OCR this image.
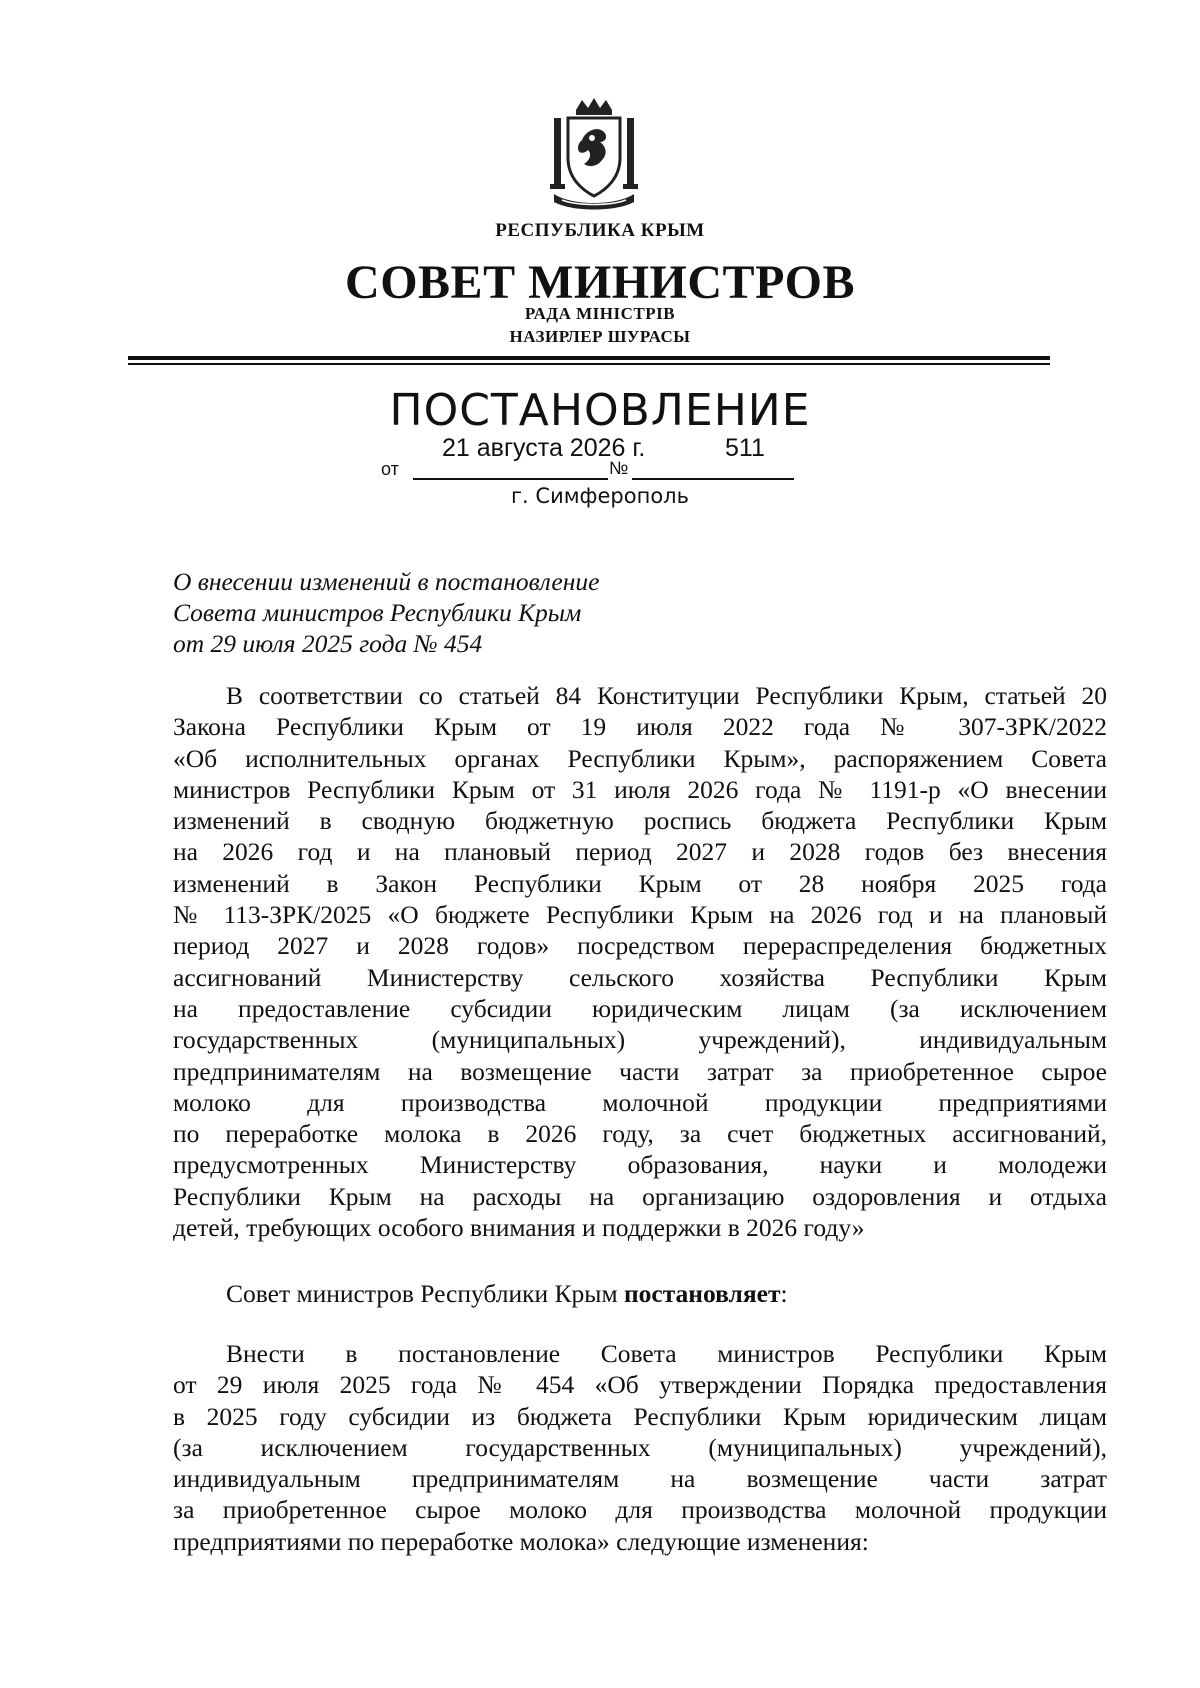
РЕСПУБЛИКА КРЫМ
СОВЕТ МИНИСТРОВ
РАДА МІНІСТРІВ
НАЗИРЛЕР ШУРАСЫ
ПОСТАНОВЛЕНИЕ
от	№
21 августа 2026 г.	511
г. Симферополь
О внесении изменений в постановление
Совета министров Республики Крым
от 29 июля 2025 года № 454
В соответствии со статьей 84 Конституции Республики Крым, статьей 20
Закона Республики Крым от 19 июля 2022 года № 307-ЗРК/2022
«Об исполнительных органах Республики Крым», распоряжением Совета
министров Республики Крым от 31 июля 2026 года № 1191-р «О внесении
изменений в сводную бюджетную роспись бюджета Республики Крым
на 2026 год и на плановый период 2027 и 2028 годов без внесения
изменений в Закон Республики Крым от 28 ноября 2025 года
№ 113-ЗРК/2025 «О бюджете Республики Крым на 2026 год и на плановый
период 2027 и 2028 годов» посредством перераспределения бюджетных
ассигнований Министерству сельского хозяйства Республики Крым
на предоставление субсидии юридическим лицам (за исключением
государственных (муниципальных) учреждений), индивидуальным
предпринимателям на возмещение части затрат за приобретенное сырое
молоко для производства молочной продукции предприятиями
по переработке молока в 2026 году, за счет бюджетных ассигнований,
предусмотренных Министерству образования, науки и молодежи
Республики Крым на расходы на организацию оздоровления и отдыха
детей, требующих особого внимания и поддержки в 2026 году»
Совет министров Республики Крым постановляет:
Внести в постановление Совета министров Республики Крым
от 29 июля 2025 года № 454 «Об утверждении Порядка предоставления
в 2025 году субсидии из бюджета Республики Крым юридическим лицам
(за исключением государственных (муниципальных) учреждений),
индивидуальным предпринимателям на возмещение части затрат
за приобретенное сырое молоко для производства молочной продукции
предприятиями по переработке молока» следующие изменения:
